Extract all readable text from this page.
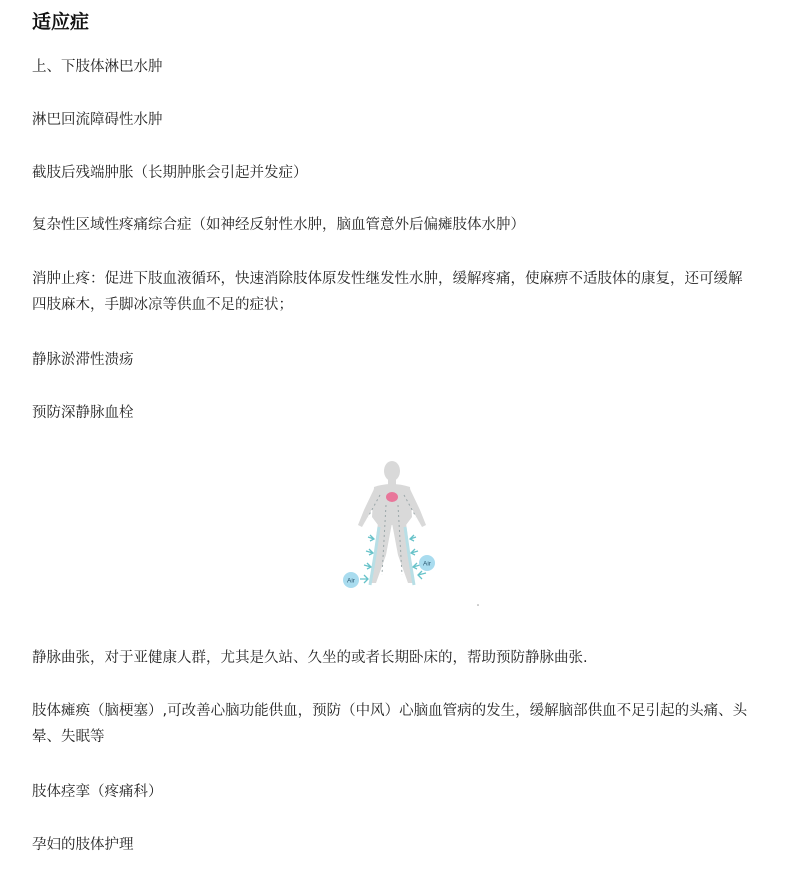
适应症

上、下肢体淋巴水肿

淋巴回流障碍性水肿

截肢后残端肿胀（长期肿胀会引起并发症）

复杂性区域性疼痛综合症（如神经反射性水肿，脑血管意外后偏瘫肢体水肿）

消肿止疼：促进下肢血液循环，快速消除肢体原发性继发性水肿，缓解疼痛，使麻痹不适肢体的康复，还可缓解四肢麻木，手脚冰凉等供血不足的症状；

静脉淤滞性溃疡

预防深静脉血栓

Air
Air

静脉曲张，对于亚健康人群，尤其是久站、久坐的或者长期卧床的，帮助预防静脉曲张.

肢体瘫痪（脑梗塞）,可改善心脑功能供血，预防（中风）心脑血管病的发生，缓解脑部供血不足引起的头痛、头晕、失眠等

肢体痉挛（疼痛科）

孕妇的肢体护理
